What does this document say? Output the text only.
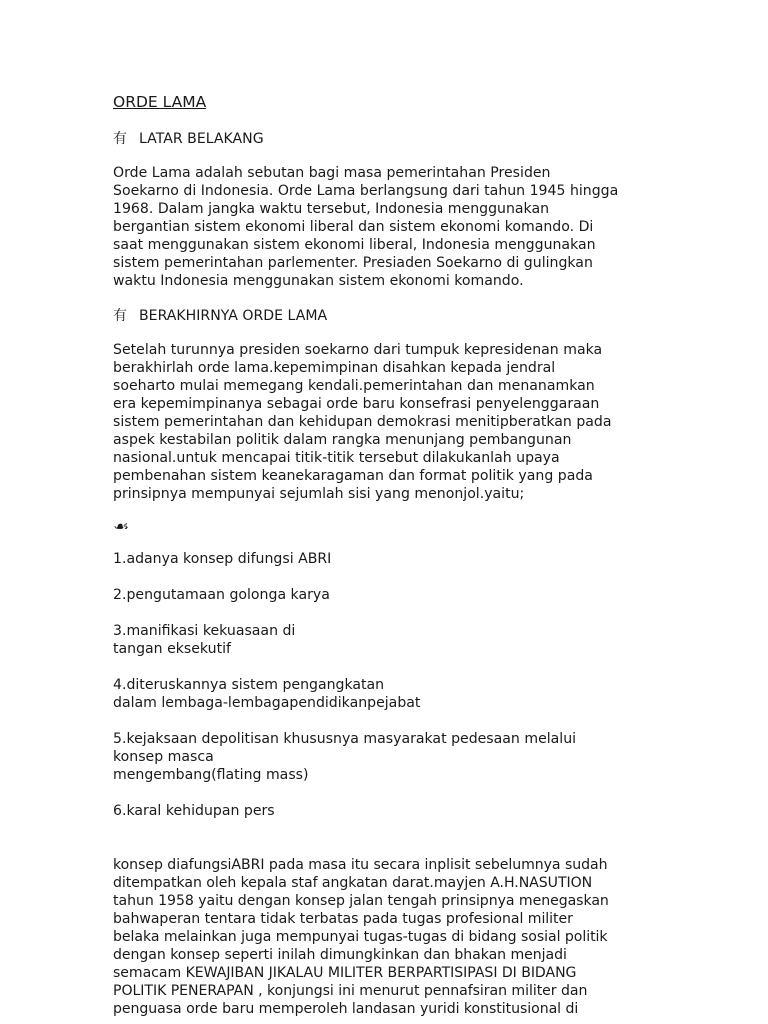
ORDE LAMA
有 LATAR BELAKANG
Orde Lama adalah sebutan bagi masa pemerintahan Presiden
Soekarno di Indonesia. Orde Lama berlangsung dari tahun 1945 hingga
1968. Dalam jangka waktu tersebut, Indonesia menggunakan
bergantian sistem ekonomi liberal dan sistem ekonomi komando. Di
saat menggunakan sistem ekonomi liberal, Indonesia menggunakan
sistem pemerintahan parlementer. Presiaden Soekarno di gulingkan
waktu Indonesia menggunakan sistem ekonomi komando.
有 BERAKHIRNYA ORDE LAMA
Setelah turunnya presiden soekarno dari tumpuk kepresidenan maka
berakhirlah orde lama.kepemimpinan disahkan kepada jendral
soeharto mulai memegang kendali.pemerintahan dan menanamkan
era kepemimpinanya sebagai orde baru konsefrasi penyelenggaraan
sistem pemerintahan dan kehidupan demokrasi menitipberatkan pada
aspek kestabilan politik dalam rangka menunjang pembangunan
nasional.untuk mencapai titik-titik tersebut dilakukanlah upaya
pembenahan sistem keanekaragaman dan format politik yang pada
prinsipnya mempunyai sejumlah sisi yang menonjol.yaitu;
☙

1.adanya konsep difungsi ABRI

2.pengutamaan golonga karya

3.manifikasi kekuasaan di
tangan eksekutif

4.diteruskannya sistem pengangkatan
dalam lembaga-lembagapendidikanpejabat

5.kejaksaan depolitisan khususnya masyarakat pedesaan melalui
konsep masca
mengembang(flating mass)

6.karal kehidupan pers

konsep diafungsiABRI pada masa itu secara inplisit sebelumnya sudah
ditempatkan oleh kepala staf angkatan darat.mayjen A.H.NASUTION
tahun 1958 yaitu dengan konsep jalan tengah prinsipnya menegaskan
bahwaperan tentara tidak terbatas pada tugas profesional militer
belaka melainkan juga mempunyai tugas-tugas di bidang sosial politik
dengan konsep seperti inilah dimungkinkan dan bhakan menjadi
semacam KEWAJIBAN JIKALAU MILITER BERPARTISIPASI DI BIDANG
POLITIK PENERAPAN , konjungsi ini menurut pennafsiran militer dan
penguasa orde baru memperoleh landasan yuridi konstitusional di
